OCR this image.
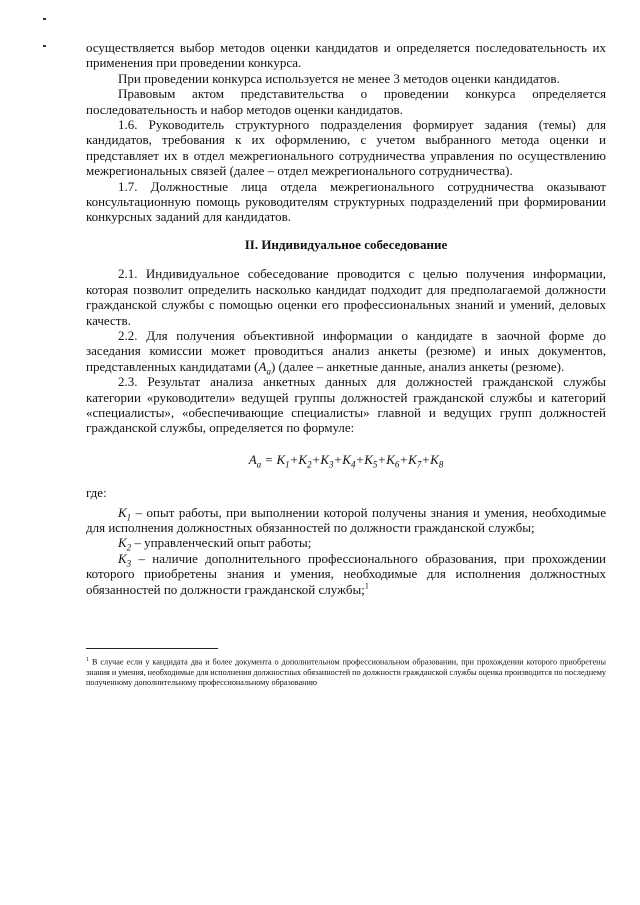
осуществляется выбор методов оценки кандидатов и определяется последовательность их применения при проведении конкурса.

При проведении конкурса используется не менее 3 методов оценки кандидатов.

Правовым актом представительства о проведении конкурса определяется последовательность и набор методов оценки кандидатов.

1.6. Руководитель структурного подразделения формирует задания (темы) для кандидатов, требования к их оформлению, с учетом выбранного метода оценки и представляет их в отдел межрегионального сотрудничества управления по осуществлению межрегиональных связей (далее – отдел межрегионального сотрудничества).

1.7. Должностные лица отдела межрегионального сотрудничества оказывают консультационную помощь руководителям структурных подразделений при формировании конкурсных заданий для кандидатов.

II. Индивидуальное собеседование

2.1. Индивидуальное собеседование проводится с целью получения информации, которая позволит определить насколько кандидат подходит для предполагаемой должности гражданской службы с помощью оценки его профессиональных знаний и умений, деловых качеств.

2.2. Для получения объективной информации о кандидате в заочной форме до заседания комиссии может проводиться анализ анкеты (резюме) и иных документов, представленных кандидатами $(А_а)$ (далее – анкетные данные, анализ анкеты (резюме).

2.3. Результат анализа анкетных данных для должностей гражданской службы категории «руководители» ведущей группы должностей гражданской службы и категорий «специалисты», «обеспечивающие специалисты» главной и ведущих групп должностей гражданской службы, определяется по формуле:

$А_а = K_1+K_2+K_3+K_4+K_5+K_6+K_7+K_8$

где:

$K_1$ – опыт работы, при выполнении которой получены знания и умения, необходимые для исполнения должностных обязанностей по должности гражданской службы;

$K_2$ – управленческий опыт работы;

$K_3$ – наличие дополнительного профессионального образования, при прохождении которого приобретены знания и умения, необходимые для исполнения должностных обязанностей по должности гражданской службы;$^1$

$^1$ В случае если у кандидата два и более документа о дополнительном профессиональном образовании, при прохождении которого приобретены знания и умения, необходимые для исполнения должностных обязанностей по должности гражданской службы оценка производится по последнему полученному дополнительному профессиональному образованию
